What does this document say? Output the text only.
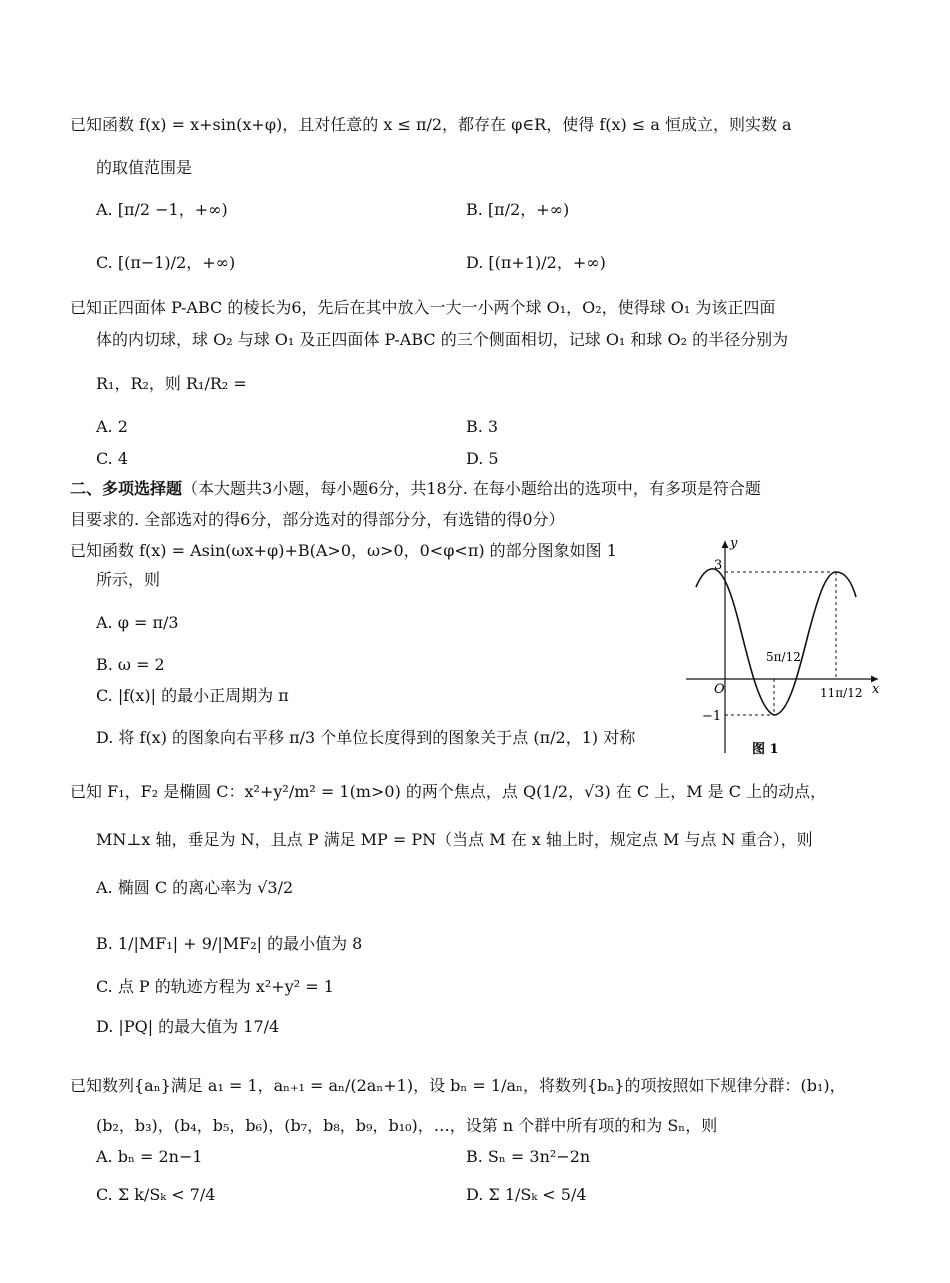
已知函数 f(x) = x+sin(x+φ)，且对任意的 x ≤ π/2，都存在 φ∈R，使得 f(x) ≤ a 恒成立，则实数 a
的取值范围是
A. [π/2 −1，+∞)	B. [π/2，+∞)
C. [(π−1)/2，+∞)	D. [(π+1)/2，+∞)
已知正四面体 P-ABC 的棱长为6，先后在其中放入一大一小两个球 O₁，O₂，使得球 O₁ 为该正四面
体的内切球，球 O₂ 与球 O₁ 及正四面体 P-ABC 的三个侧面相切，记球 O₁ 和球 O₂ 的半径分别为
R₁，R₂，则 R₁/R₂ =
A. 2	B. 3
C. 4	D. 5
二、多项选择题（本大题共3小题，每小题6分，共18分. 在每小题给出的选项中，有多项是符合题
目要求的. 全部选对的得6分，部分选对的得部分分，有选错的得0分）
已知函数 f(x) = Asin(ωx+φ)+B(A>0，ω>0，0<φ<π) 的部分图象如图 1
所示，则
A. φ = π/3
B. ω = 2
C. |f(x)| 的最小正周期为 π
D. 将 f(x) 的图象向右平移 π/3 个单位长度得到的图象关于点 (π/2，1) 对称
y
x
O
3
−1
5π/12
11π/12
图 1
已知 F₁，F₂ 是椭圆 C：x²+y²/m² = 1(m>0) 的两个焦点，点 Q(1/2，√3) 在 C 上，M 是 C 上的动点，
MN⊥x 轴，垂足为 N，且点 P 满足 MP = PN（当点 M 在 x 轴上时，规定点 M 与点 N 重合），则
A. 椭圆 C 的离心率为 √3/2
B. 1/|MF₁| + 9/|MF₂| 的最小值为 8
C. 点 P 的轨迹方程为 x²+y² = 1
D. |PQ| 的最大值为 17/4
已知数列{aₙ}满足 a₁ = 1，aₙ₊₁ = aₙ/(2aₙ+1)，设 bₙ = 1/aₙ，将数列{bₙ}的项按照如下规律分群：(b₁)，
(b₂，b₃)，(b₄，b₅，b₆)，(b₇，b₈，b₉，b₁₀)，…，设第 n 个群中所有项的和为 Sₙ，则
A. bₙ = 2n−1	B. Sₙ = 3n²−2n
C. Σ k/Sₖ < 7/4	D. Σ 1/Sₖ < 5/4
